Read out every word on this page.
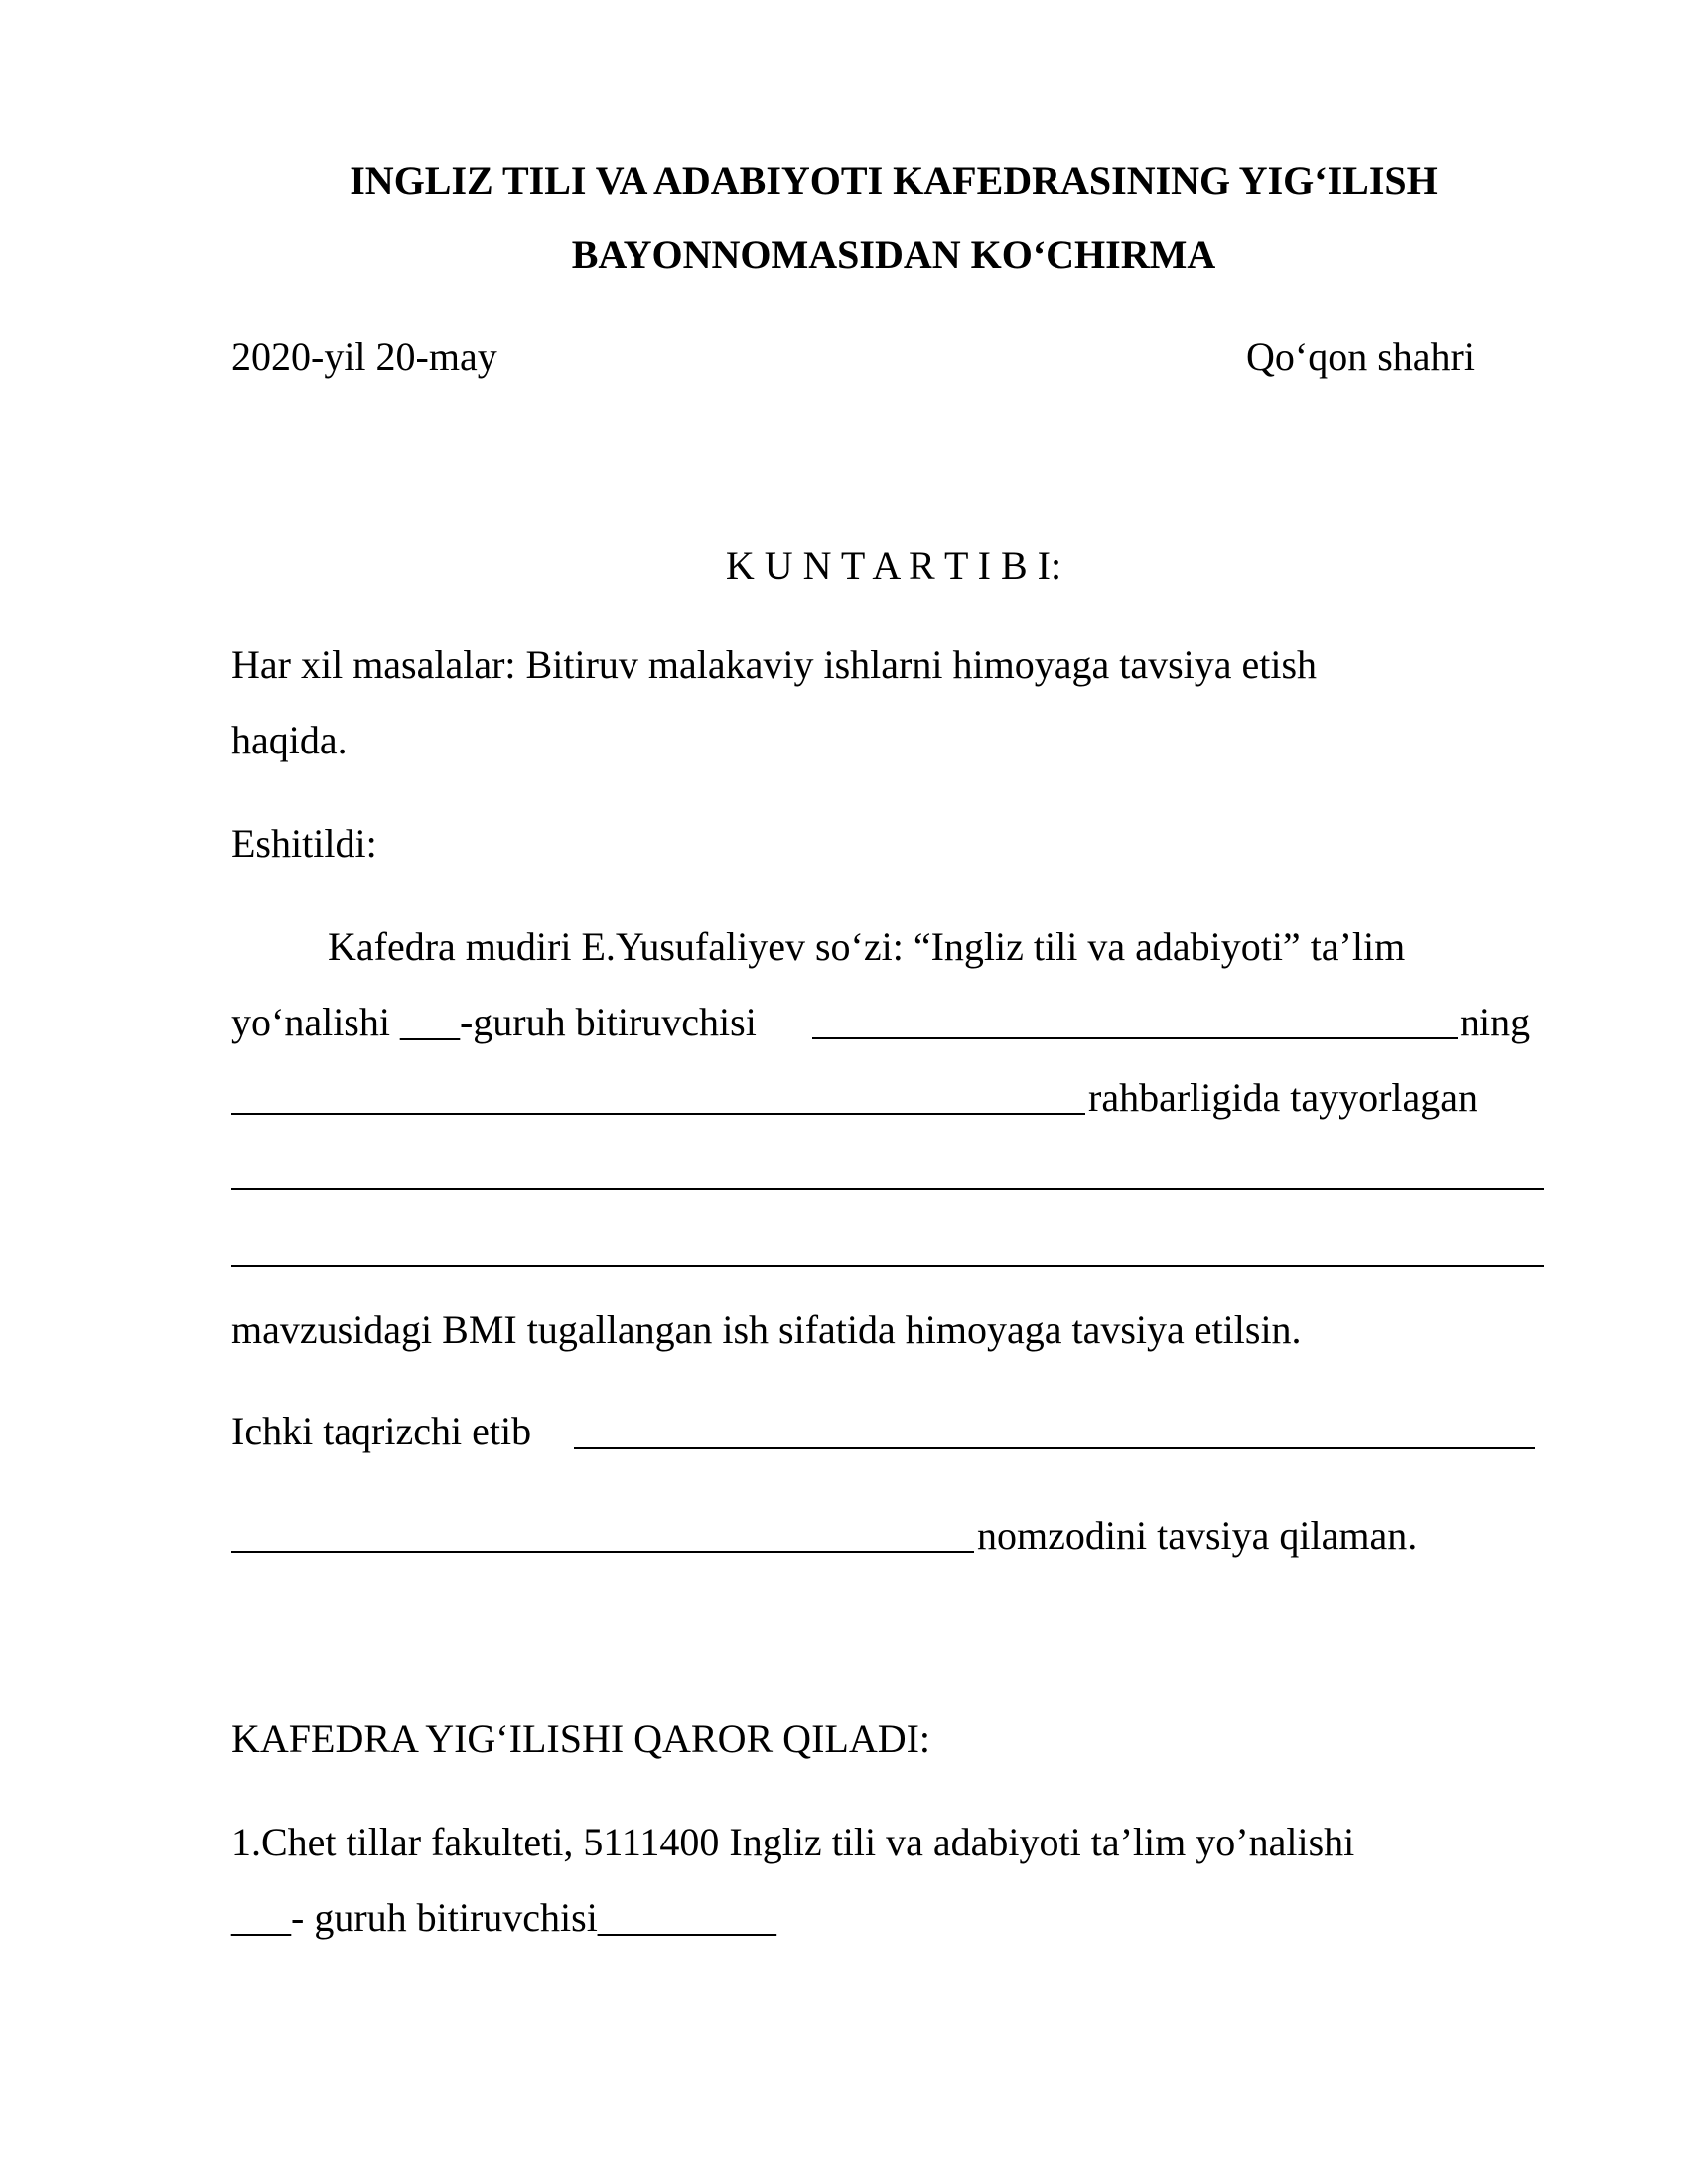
INGLIZ TILI VA ADABIYOTI KAFEDRASINING YIG‘ILISH
BAYONNOMASIDAN KO‘CHIRMA
2020-yil 20-may	Qo‘qon shahri
K U N T A R T I B I:
Har xil masalalar: Bitiruv malakaviy ishlarni himoyaga tavsiya etish
haqida.
Eshitildi:
Kafedra mudiri E.Yusufaliyev so‘zi: “Ingliz tili va adabiyoti” ta’lim
yo‘nalishi ___-guruh bitiruvchisi	ning
rahbarligida tayyorlagan
mavzusidagi BMI tugallangan ish sifatida himoyaga tavsiya etilsin.
Ichki taqrizchi etib
nomzodini tavsiya qilaman.
KAFEDRA YIG‘ILISHI QAROR QILADI:
1.Chet tillar fakulteti, 5111400 Ingliz tili va adabiyoti ta’lim yo’nalishi
___- guruh bitiruvchisi_________
